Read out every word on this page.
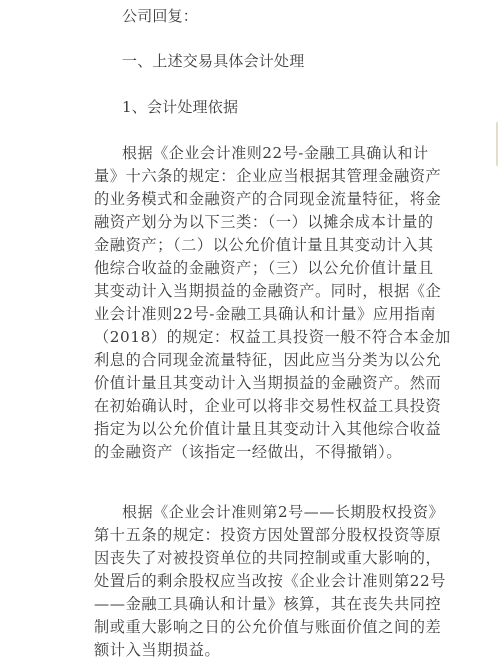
公司回复：
一、上述交易具体会计处理
1、会计处理依据
根据《企业会计准则22号-金融工具确认和计
量》十六条的规定：企业应当根据其管理金融资产
的业务模式和金融资产的合同现金流量特征，将金
融资产划分为以下三类：（一）以摊余成本计量的
金融资产；（二）以公允价值计量且其变动计入其
他综合收益的金融资产；（三）以公允价值计量且
其变动计入当期损益的金融资产。同时，根据《企
业会计准则22号-金融工具确认和计量》应用指南
（2018）的规定：权益工具投资一般不符合本金加
利息的合同现金流量特征，因此应当分类为以公允
价值计量且其变动计入当期损益的金融资产。然而
在初始确认时，企业可以将非交易性权益工具投资
指定为以公允价值计量且其变动计入其他综合收益
的金融资产（该指定一经做出，不得撤销）。
根据《企业会计准则第2号——长期股权投资》
第十五条的规定：投资方因处置部分股权投资等原
因丧失了对被投资单位的共同控制或重大影响的，
处置后的剩余股权应当改按《企业会计准则第22号
——金融工具确认和计量》核算，其在丧失共同控
制或重大影响之日的公允价值与账面价值之间的差
额计入当期损益。
